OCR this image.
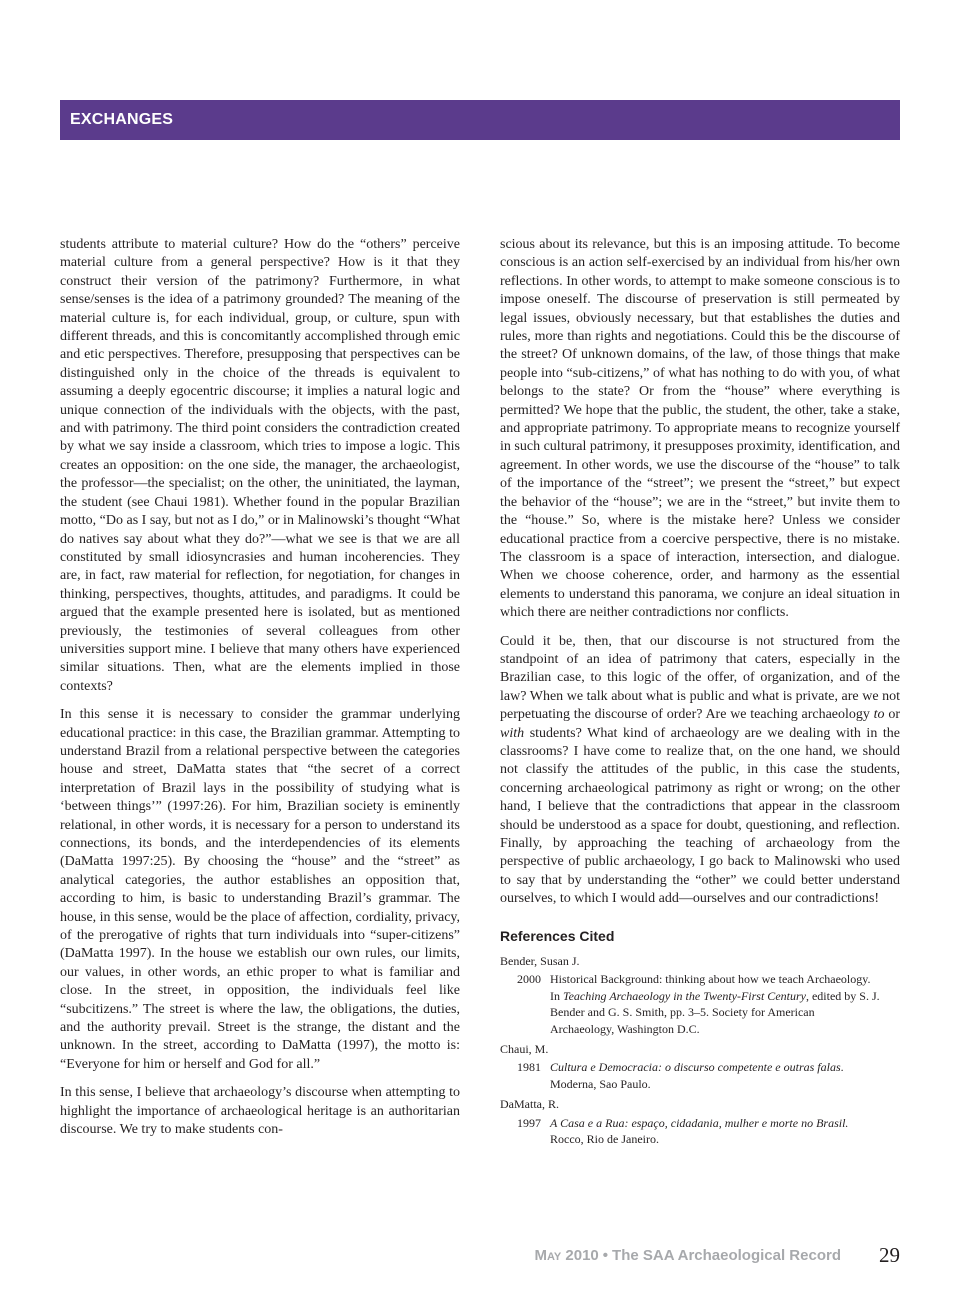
EXCHANGES

students attribute to material culture? How do the “others” perceive material culture from a general perspective? How is it that they construct their version of the patrimony? Furthermore, in what sense/senses is the idea of a patrimony grounded? The meaning of the material culture is, for each individual, group, or culture, spun with different threads, and this is concomitantly accomplished through emic and etic perspectives. Therefore, presupposing that perspectives can be distinguished only in the choice of the threads is equivalent to assuming a deeply egocentric discourse; it implies a natural logic and unique connection of the individuals with the objects, with the past, and with patrimony. The third point considers the contradiction created by what we say inside a classroom, which tries to impose a logic. This creates an opposition: on the one side, the manager, the archaeologist, the professor—the specialist; on the other, the uninitiated, the layman, the student (see Chaui 1981). Whether found in the popular Brazilian motto, “Do as I say, but not as I do,” or in Malinowski’s thought “What do natives say about what they do?”—what we see is that we are all constituted by small idiosyncrasies and human incoherencies. They are, in fact, raw material for reflection, for negotiation, for changes in thinking, perspectives, thoughts, attitudes, and paradigms. It could be argued that the example presented here is isolated, but as mentioned previously, the testimonies of several colleagues from other universities support mine. I believe that many others have experienced similar situations. Then, what are the elements implied in those contexts?

In this sense it is necessary to consider the grammar underlying educational practice: in this case, the Brazilian grammar. Attempting to understand Brazil from a relational perspective between the categories house and street, DaMatta states that “the secret of a correct interpretation of Brazil lays in the possibility of studying what is ‘between things’” (1997:26). For him, Brazilian society is eminently relational, in other words, it is necessary for a person to understand its connections, its bonds, and the interdependencies of its elements (DaMatta 1997:25). By choosing the “house” and the “street” as analytical categories, the author establishes an opposition that, according to him, is basic to understanding Brazil’s grammar. The house, in this sense, would be the place of affection, cordiality, privacy, of the prerogative of rights that turn individuals into “super-citizens” (DaMatta 1997). In the house we establish our own rules, our limits, our values, in other words, an ethic proper to what is familiar and close. In the street, in opposition, the individuals feel like “subcitizens.” The street is where the law, the obligations, the duties, and the authority prevail. Street is the strange, the distant and the unknown. In the street, according to DaMatta (1997), the motto is: “Everyone for him or herself and God for all.”

In this sense, I believe that archaeology’s discourse when attempting to highlight the importance of archaeological heritage is an authoritarian discourse. We try to make students con-

scious about its relevance, but this is an imposing attitude. To become conscious is an action self-exercised by an individual from his/her own reflections. In other words, to attempt to make someone conscious is to impose oneself. The discourse of preservation is still permeated by legal issues, obviously necessary, but that establishes the duties and rules, more than rights and negotiations. Could this be the discourse of the street? Of unknown domains, of the law, of those things that make people into “sub-citizens,” of what has nothing to do with you, of what belongs to the state? Or from the “house” where everything is permitted? We hope that the public, the student, the other, take a stake, and appropriate patrimony. To appropriate means to recognize yourself in such cultural patrimony, it presupposes proximity, identification, and agreement. In other words, we use the discourse of the “house” to talk of the importance of the “street”; we present the “street,” but expect the behavior of the “house”; we are in the “street,” but invite them to the “house.” So, where is the mistake here? Unless we consider educational practice from a coercive perspective, there is no mistake. The classroom is a space of interaction, intersection, and dialogue. When we choose coherence, order, and harmony as the essential elements to understand this panorama, we conjure an ideal situation in which there are neither contradictions nor conflicts.

Could it be, then, that our discourse is not structured from the standpoint of an idea of patrimony that caters, especially in the Brazilian case, to this logic of the offer, of organization, and of the law? When we talk about what is public and what is private, are we not perpetuating the discourse of order? Are we teaching archaeology to or with students? What kind of archaeology are we dealing with in the classrooms? I have come to realize that, on the one hand, we should not classify the attitudes of the public, in this case the students, concerning archaeological patrimony as right or wrong; on the other hand, I believe that the contradictions that appear in the classroom should be understood as a space for doubt, questioning, and reflection. Finally, by approaching the teaching of archaeology from the perspective of public archaeology, I go back to Malinowski who used to say that by understanding the “other” we could better understand ourselves, to which I would add—ourselves and our contradictions!

References Cited
Bender, Susan J.
2000 Historical Background: thinking about how we teach Archaeology. In Teaching Archaeology in the Twenty-First Century, edited by S. J. Bender and G. S. Smith, pp. 3–5. Society for American Archaeology, Washington D.C.
Chaui, M.
1981 Cultura e Democracia: o discurso competente e outras falas. Moderna, Sao Paulo.
DaMatta, R.
1997 A Casa e a Rua: espaço, cidadania, mulher e morte no Brasil. Rocco, Rio de Janeiro.
May 2010 • The SAA Archaeological Record 29
